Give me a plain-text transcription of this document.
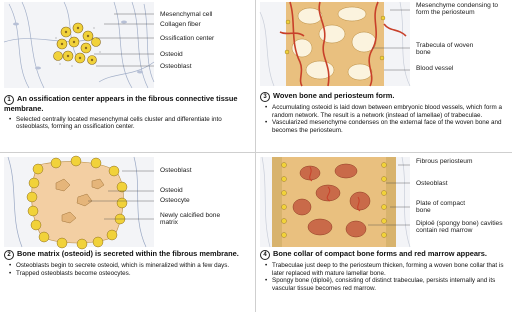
Mesenchymal cell
Collagen fiber
Ossification center
Osteoid
Osteoblast
1 An ossification center appears in the fibrous connective tissue membrane.
• Selected centrally located mesenchymal cells cluster and differentiate into osteoblasts, forming an ossification center.
Mesenchyme condensing to form the periosteum
Trabecula of woven bone
Blood vessel
3 Woven bone and periosteum form.
• Accumulating osteoid is laid down between embryonic blood vessels, which form a random network. The result is a network (instead of lamellae) of trabeculae.
• Vascularized mesenchyme condenses on the external face of the woven bone and becomes the periosteum.
Osteoblast
Osteoid
Osteocyte
Newly calcified bone matrix
2 Bone matrix (osteoid) is secreted within the fibrous membrane.
• Osteoblasts begin to secrete osteoid, which is mineralized within a few days.
• Trapped osteoblasts become osteocytes.
Fibrous periosteum
Osteoblast
Plate of compact bone
Diploë (spongy bone) cavities contain red marrow
4 Bone collar of compact bone forms and red marrow appears.
• Trabeculae just deep to the periosteum thicken, forming a woven bone collar that is later replaced with mature lamellar bone.
• Spongy bone (diploë), consisting of distinct trabeculae, persists internally and its vascular tissue becomes red marrow.
